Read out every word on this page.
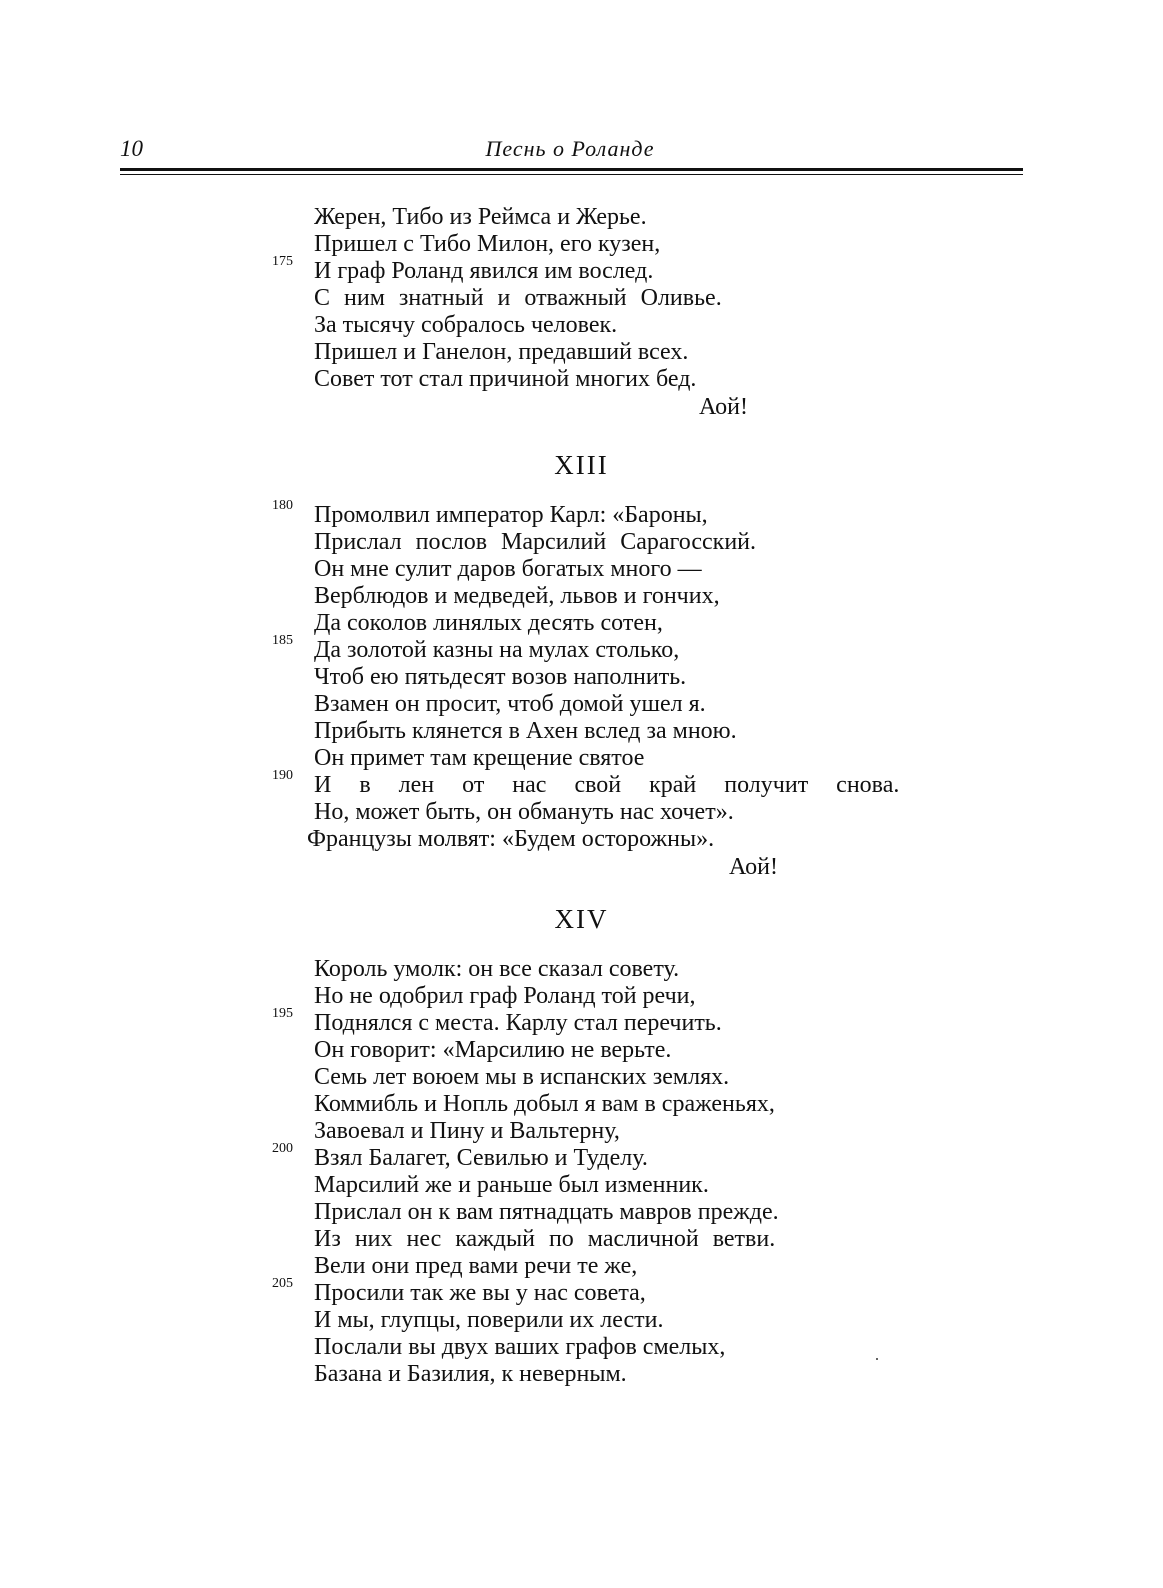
10	Песнь о Роланде
Жерен, Тибо из Реймса и Жерье.
Пришел с Тибо Милон, его кузен,
175 И граф Роланд явился им вослед.
С ним знатный и отважный Оливье.
За тысячу собралось человек.
Пришел и Ганелон, предавший всех.
Совет тот стал причиной многих бед.
Аой!
XIII
180 Промолвил император Карл: «Бароны,
Прислал послов Марсилий Сарагосский.
Он мне сулит даров богатых много —
Верблюдов и медведей, львов и гончих,
Да соколов линялых десять сотен,
185 Да золотой казны на мулах столько,
Чтоб ею пятьдесят возов наполнить.
Взамен он просит, чтоб домой ушел я.
Прибыть клянется в Ахен вслед за мною.
Он примет там крещение святое
190 И в лен от нас свой край получит снова.
Но, может быть, он обмануть нас хочет».
Французы молвят: «Будем осторожны».
Аой!
XIV
Король умолк: он все сказал совету.
Но не одобрил граф Роланд той речи,
195 Поднялся с места. Карлу стал перечить.
Он говорит: «Марсилию не верьте.
Семь лет воюем мы в испанских землях.
Коммибль и Нопль добыл я вам в сраженьях,
Завоевал и Пину и Вальтерну,
200 Взял Балагет, Севилью и Туделу.
Марсилий же и раньше был изменник.
Прислал он к вам пятнадцать мавров прежде.
Из них нес каждый по масличной ветви.
Вели они пред вами речи те же,
205 Просили так же вы у нас совета,
И мы, глупцы, поверили их лести.
Послали вы двух ваших графов смелых,
Базана и Базилия, к неверным.
